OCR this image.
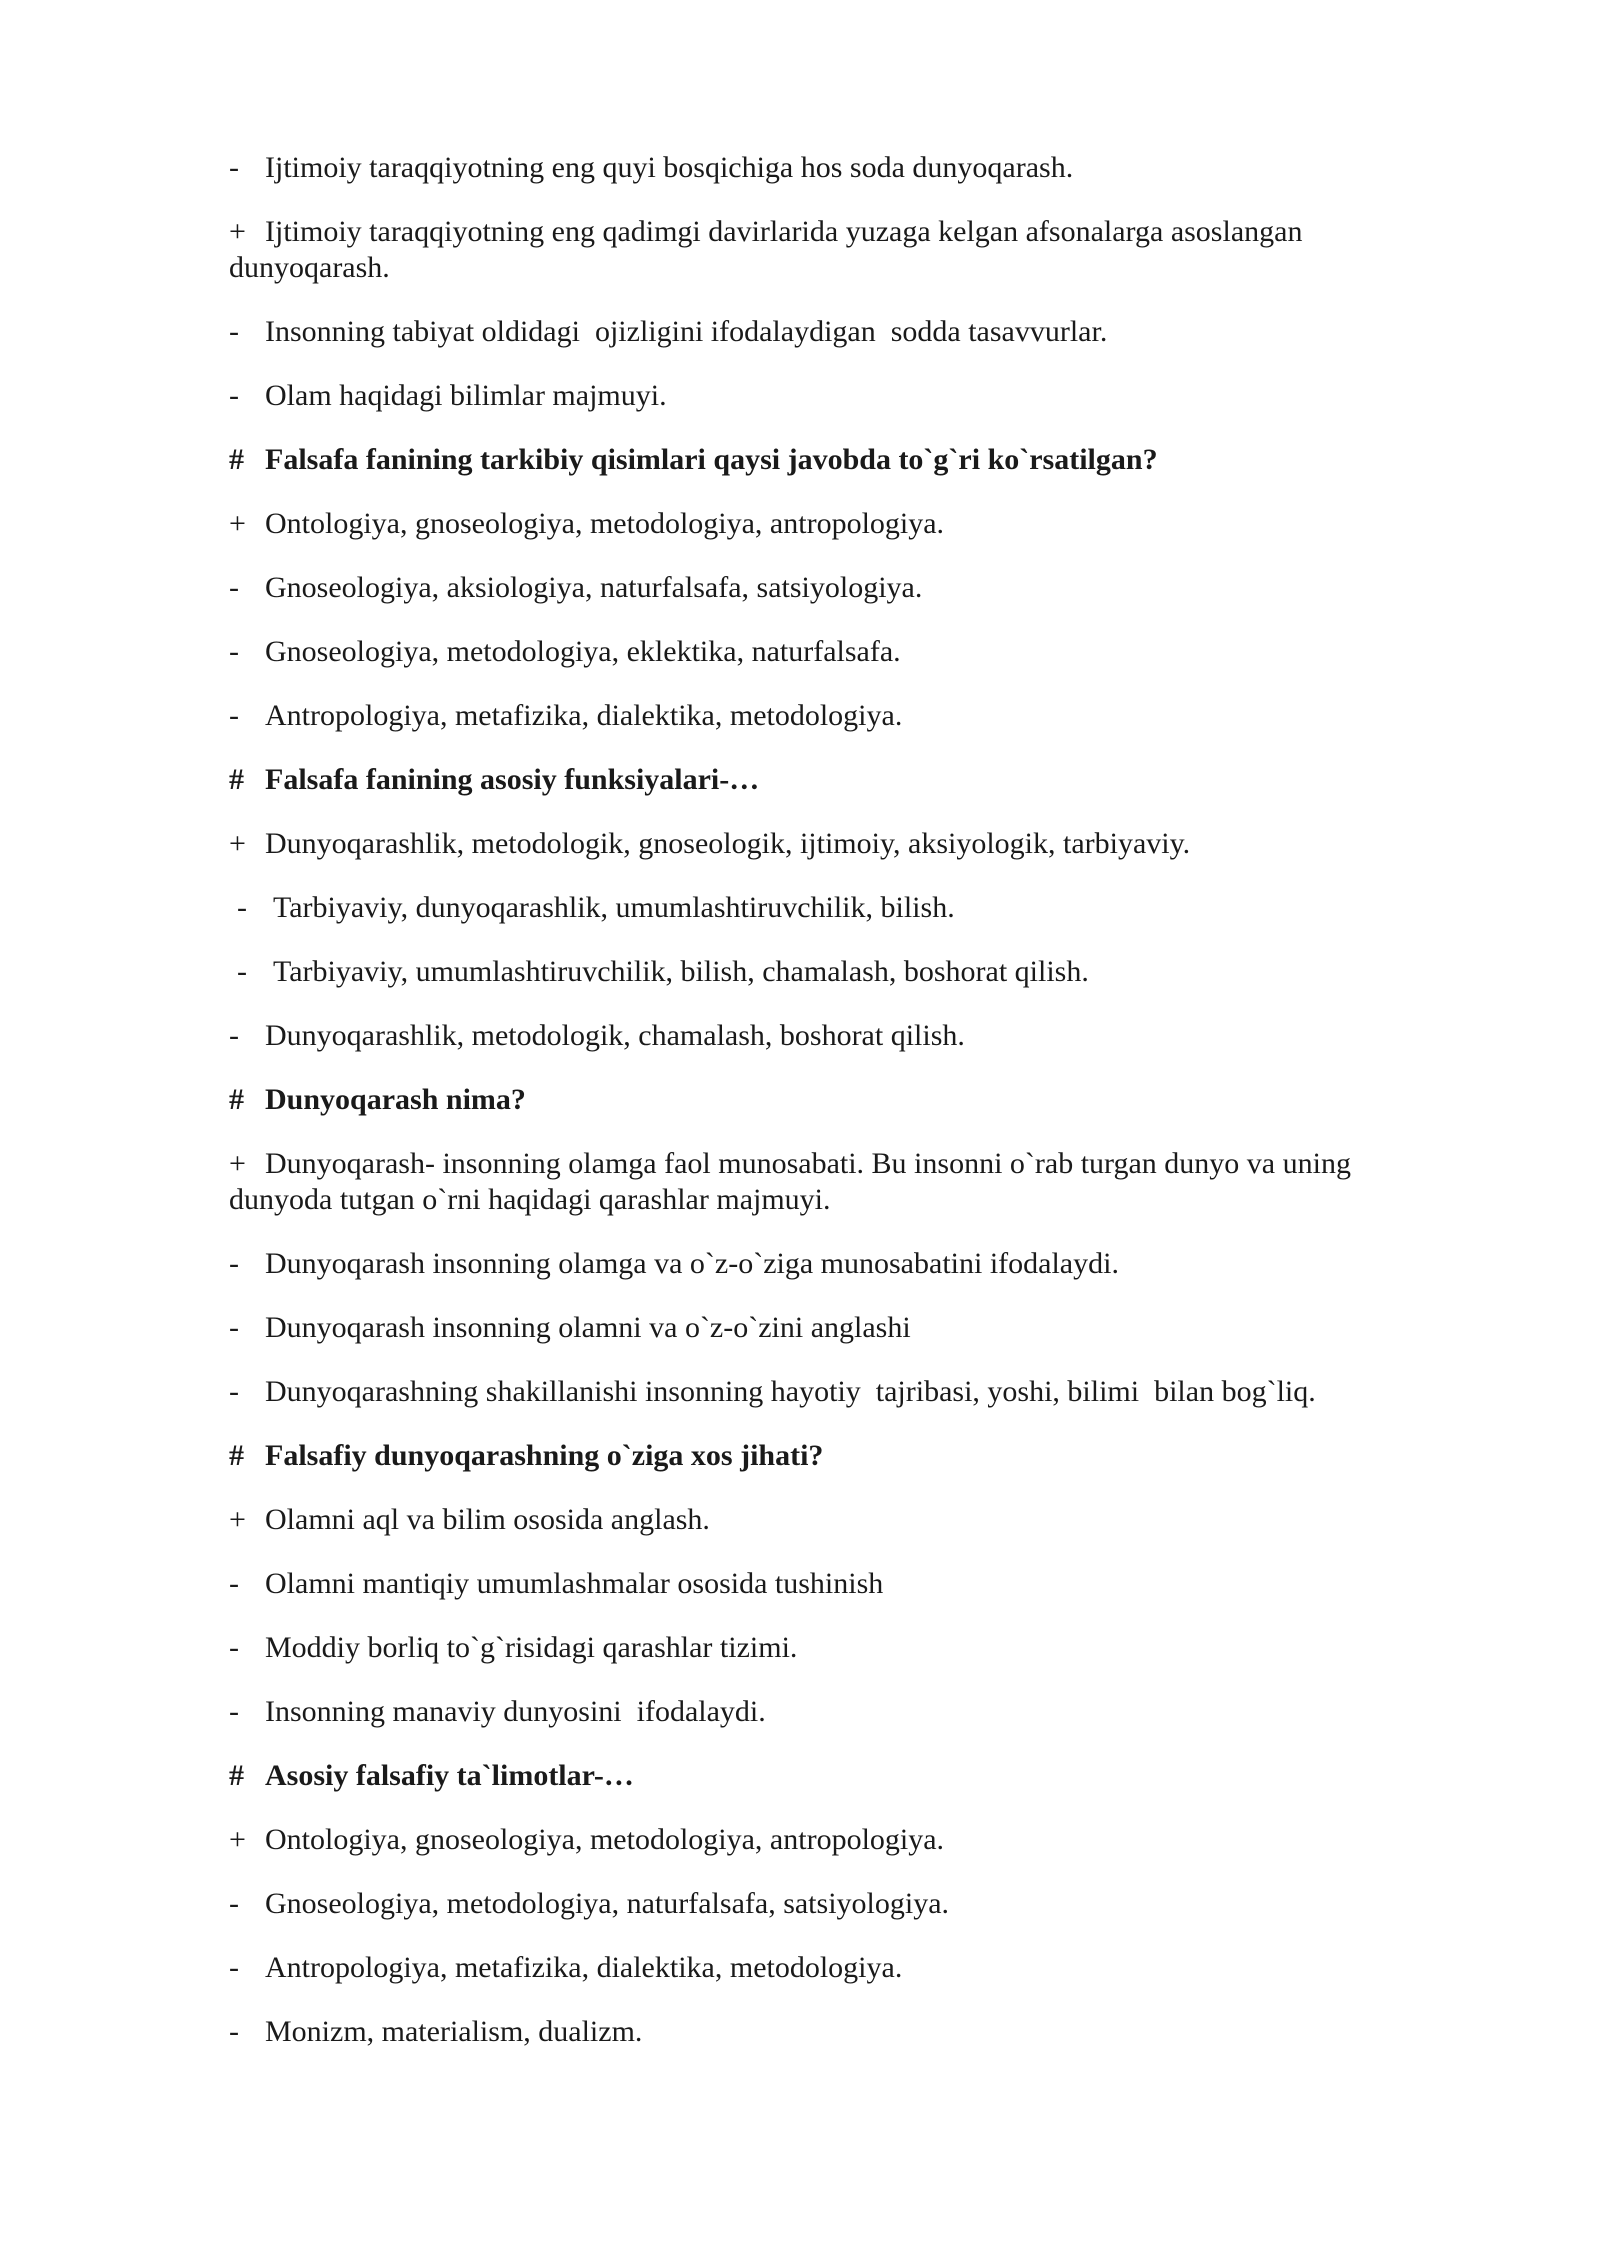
- Ijtimoiy taraqqiyotning eng quyi bosqichiga hos soda dunyoqarash.
+ Ijtimoiy taraqqiyotning eng qadimgi davirlarida yuzaga kelgan afsonalarga asoslangan dunyoqarash.
- Insonning tabiyat oldidagi  ojizligini ifodalaydigan  sodda tasavvurlar.
- Olam haqidagi bilimlar majmuyi.
# Falsafa fanining tarkibiy qisimlari qaysi javobda to`g`ri ko`rsatilgan?
+ Ontologiya, gnoseologiya, metodologiya, antropologiya.
- Gnoseologiya, aksiologiya, naturfalsafa, satsiyologiya.
- Gnoseologiya, metodologiya, eklektika, naturfalsafa.
- Antropologiya, metafizika, dialektika, metodologiya.
# Falsafa fanining asosiy funksiyalari-…
+ Dunyoqarashlik, metodologik, gnoseologik, ijtimoiy, aksiyologik, tarbiyaviy.
- Tarbiyaviy, dunyoqarashlik, umumlashtiruvchilik, bilish.
- Tarbiyaviy, umumlashtiruvchilik, bilish, chamalash, boshorat qilish.
- Dunyoqarashlik, metodologik, chamalash, boshorat qilish.
# Dunyoqarash nima?
+ Dunyoqarash- insonning olamga faol munosabati. Bu insonni o`rab turgan dunyo va uning dunyoda tutgan o`rni haqidagi qarashlar majmuyi.
- Dunyoqarash insonning olamga va o`z-o`ziga munosabatini ifodalaydi.
- Dunyoqarash insonning olamni va o`z-o`zini anglashi
- Dunyoqarashning shakillanishi insonning hayotiy  tajribasi, yoshi, bilimi  bilan bog`liq.
# Falsafiy dunyoqarashning o`ziga xos jihati?
+ Olamni aql va bilim ososida anglash.
- Olamni mantiqiy umumlashmalar ososida tushinish
- Moddiy borliq to`g`risidagi qarashlar tizimi.
- Insonning manaviy dunyosini  ifodalaydi.
# Asosiy falsafiy ta`limotlar-…
+ Ontologiya, gnoseologiya, metodologiya, antropologiya.
- Gnoseologiya, metodologiya, naturfalsafa, satsiyologiya.
- Antropologiya, metafizika, dialektika, metodologiya.
- Monizm, materialism, dualizm.
